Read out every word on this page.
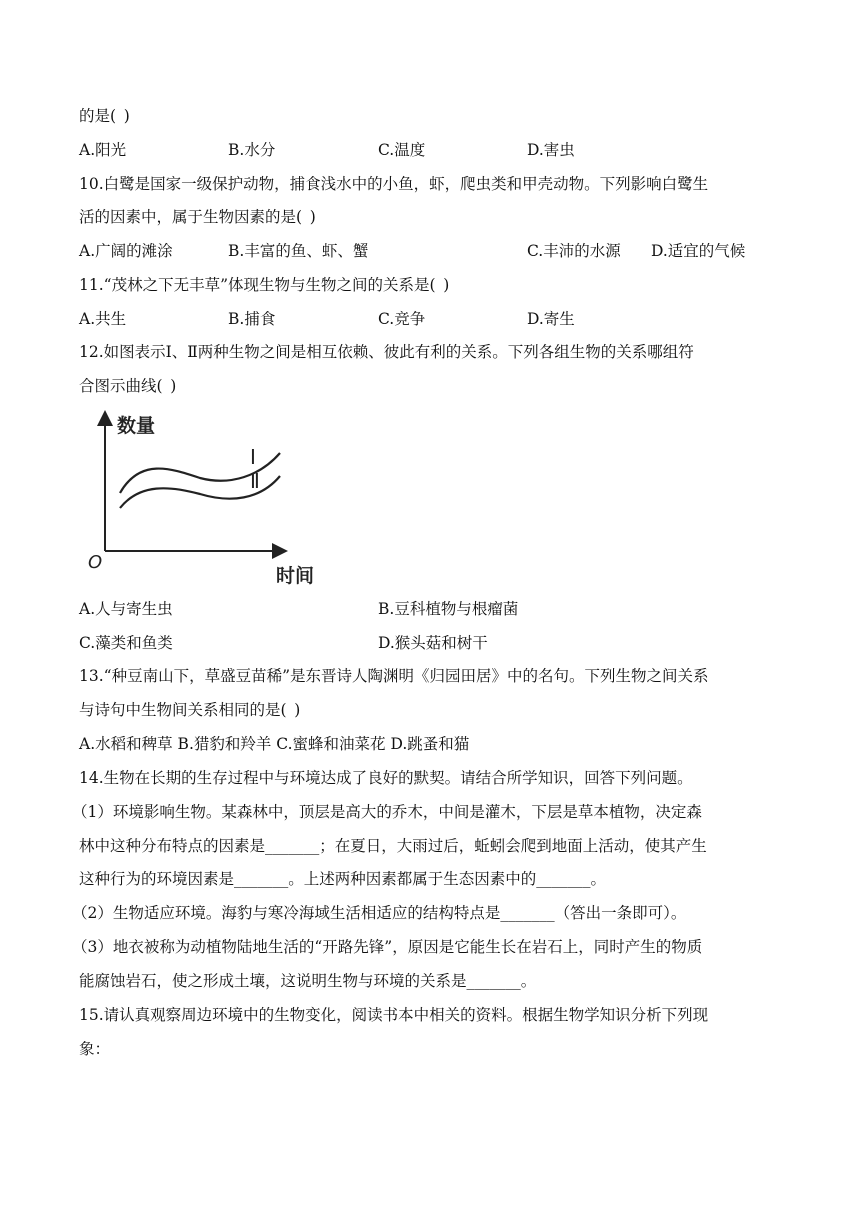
的是( )
A.阳光	B.水分	C.温度	D.害虫
10.白鹭是国家一级保护动物，捕食浅水中的小鱼，虾，爬虫类和甲壳动物。下列影响白鹭生
活的因素中，属于生物因素的是( )
A.广阔的滩涂	B.丰富的鱼、虾、蟹	C.丰沛的水源 D.适宜的气候
11.“茂林之下无丰草”体现生物与生物之间的关系是( )
A.共生	B.捕食	C.竞争	D.寄生
12.如图表示Ⅰ、Ⅱ两种生物之间是相互依赖、彼此有利的关系。下列各组生物的关系哪组符
合图示曲线( )
数量
时间
O
Ⅰ
Ⅱ
A.人与寄生虫	B.豆科植物与根瘤菌
C.藻类和鱼类	D.猴头菇和树干
13.“种豆南山下，草盛豆苗稀”是东晋诗人陶渊明《归园田居》中的名句。下列生物之间关系
与诗句中生物间关系相同的是( )
A.水稻和稗草 B.猎豹和羚羊 C.蜜蜂和油菜花 D.跳蚤和猫
14.生物在长期的生存过程中与环境达成了良好的默契。请结合所学知识，回答下列问题。
（1）环境影响生物。某森林中，顶层是高大的乔木，中间是灌木，下层是草本植物，决定森
林中这种分布特点的因素是_______；在夏日，大雨过后，蚯蚓会爬到地面上活动，使其产生
这种行为的环境因素是_______。上述两种因素都属于生态因素中的_______。
（2）生物适应环境。海豹与寒冷海域生活相适应的结构特点是_______（答出一条即可）。
（3）地衣被称为动植物陆地生活的“开路先锋”，原因是它能生长在岩石上，同时产生的物质
能腐蚀岩石，使之形成土壤，这说明生物与环境的关系是_______。
15.请认真观察周边环境中的生物变化，阅读书本中相关的资料。根据生物学知识分析下列现
象：
